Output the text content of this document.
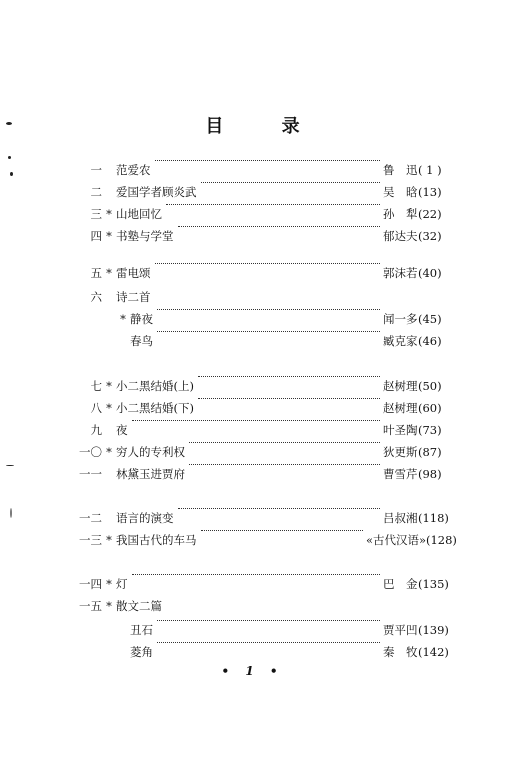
目 录
一 范爱农	鲁　迅 ( 1 )
二 爱国学者顾炎武	吴　晗 (13)
三 * 山地回忆	孙　犁 (22)
四 * 书塾与学堂	郁达夫 (32)
五 * 雷电颂	郭沫若 (40)
六 诗二首
* 静夜	闻一多 (45)
春鸟	臧克家 (46)
七 * 小二黑结婚(上)	赵树理 (50)
八 * 小二黑结婚(下)	赵树理 (60)
九 夜	叶圣陶 (73)
一〇 * 穷人的专利权	狄更斯 (87)
一一 林黛玉进贾府	曹雪芹 (98)
一二 语言的演变	吕叔湘 (118)
一三 * 我国古代的车马	«古代汉语» (128)
一四 * 灯	巴　金 (135)
一五 * 散文二篇
丑石	贾平凹 (139)
菱角	秦　牧 (142)
• 1 •
